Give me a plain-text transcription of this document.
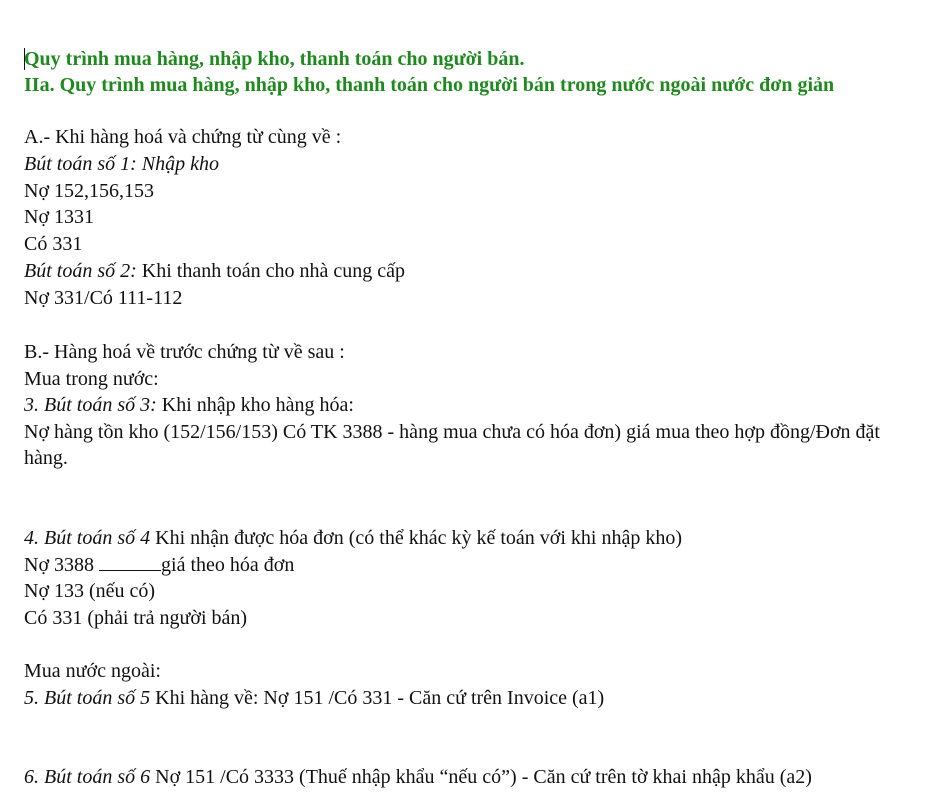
Quy trình mua hàng, nhập kho, thanh toán cho người bán.
IIa. Quy trình mua hàng, nhập kho, thanh toán cho người bán trong nước ngoài nước đơn giản
A.- Khi hàng hoá và chứng từ cùng về :
Bút toán số 1: Nhập kho
Nợ 152,156,153
Nợ 1331
Có 331
Bút toán số 2: Khi thanh toán cho nhà cung cấp
Nợ 331/Có 111-112
B.- Hàng hoá về trước chứng từ về sau :
Mua trong nước:
3. Bút toán số 3: Khi nhập kho hàng hóa:
Nợ hàng tồn kho (152/156/153) Có TK 3388 - hàng mua chưa có hóa đơn) giá mua theo hợp đồng/Đơn đặt hàng.
4. Bút toán số 4 Khi nhận được hóa đơn (có thể khác kỳ kế toán với khi nhập kho)
Nợ 3388	giá theo hóa đơn
Nợ 133 (nếu có)
Có 331 (phải trả người bán)
Mua nước ngoài:
5. Bút toán số 5 Khi hàng về: Nợ 151 /Có 331 - Căn cứ trên Invoice (a1)
6. Bút toán số 6 Nợ 151 /Có 3333 (Thuế nhập khẩu “nếu có”) - Căn cứ trên tờ khai nhập khẩu (a2)
